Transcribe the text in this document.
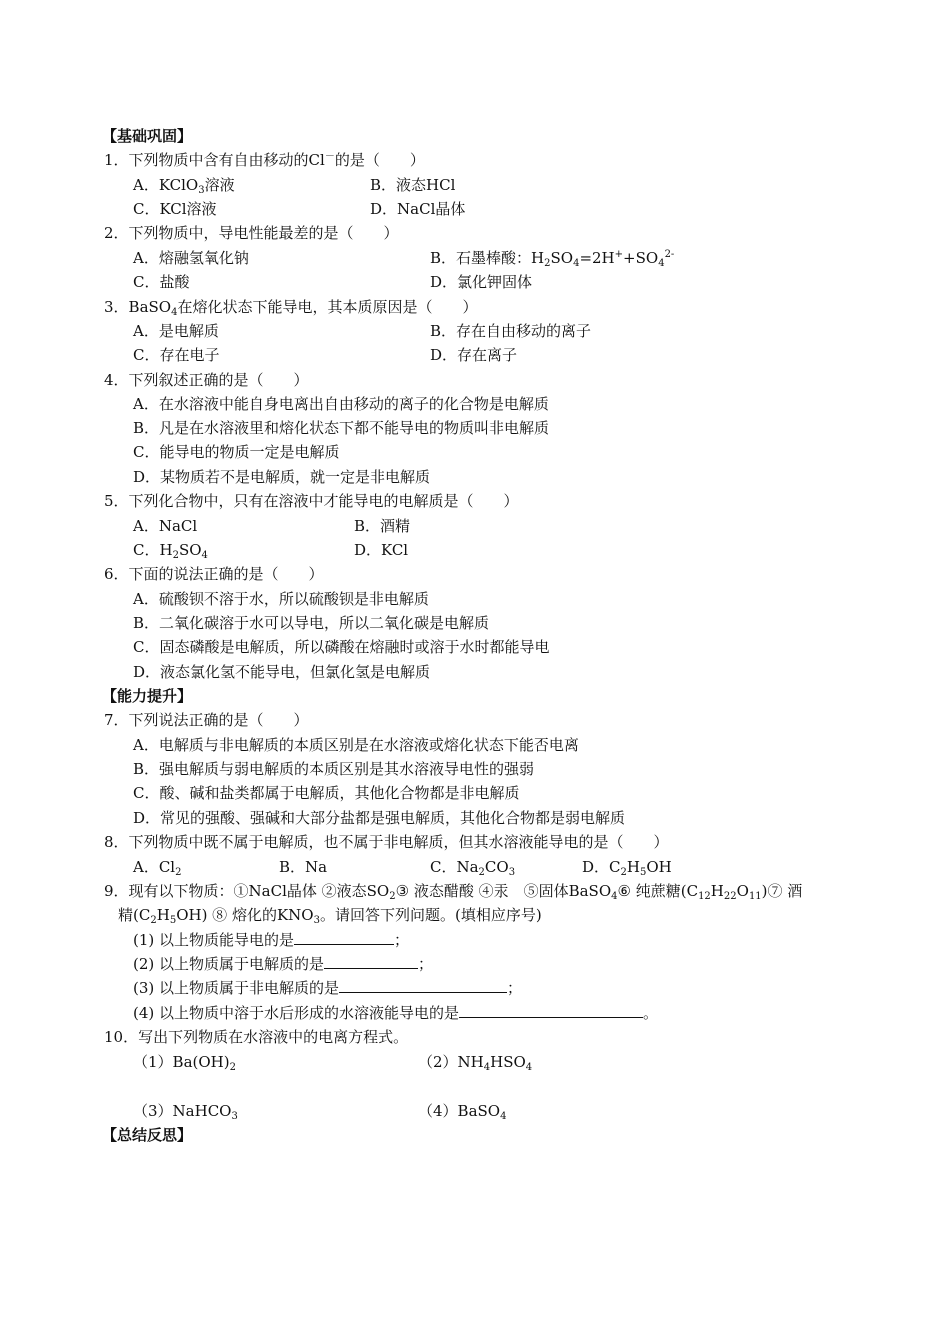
【基础巩固】
1．下列物质中含有自由移动的Cl－的是（　　）
A．KClO$_3$溶液	B．液态HCl
C．KCl溶液	D．NaCl晶体
2．下列物质中，导电性能最差的是（　　）
A．熔融氢氧化钠	B．石墨棒酸：$H_2SO_4=2H^++SO_4^{2-}$
C．盐酸	D．氯化钾固体
3．BaSO$_4$在熔化状态下能导电，其本质原因是（　　）
A．是电解质	B．存在自由移动的离子
C．存在电子	D．存在离子
4．下列叙述正确的是（　　）
A．在水溶液中能自身电离出自由移动的离子的化合物是电解质
B．凡是在水溶液里和熔化状态下都不能导电的物质叫非电解质
C．能导电的物质一定是电解质
D．某物质若不是电解质，就一定是非电解质
5．下列化合物中，只有在溶液中才能导电的电解质是（　　）
A．NaCl	B．酒精
C．$H_2SO_4$	D．KCl
6．下面的说法正确的是（　　）
A．硫酸钡不溶于水，所以硫酸钡是非电解质
B．二氧化碳溶于水可以导电，所以二氧化碳是电解质
C．固态磷酸是电解质，所以磷酸在熔融时或溶于水时都能导电
D．液态氯化氢不能导电，但氯化氢是电解质
【能力提升】
7．下列说法正确的是（　　）
A．电解质与非电解质的本质区别是在水溶液或熔化状态下能否电离
B．强电解质与弱电解质的本质区别是其水溶液导电性的强弱
C．酸、碱和盐类都属于电解质，其他化合物都是非电解质
D．常见的强酸、强碱和大部分盐都是强电解质，其他化合物都是弱电解质
8．下列物质中既不属于电解质，也不属于非电解质，但其水溶液能导电的是（　　）
A．$Cl_2$	B．Na	C．$Na_2CO_3$	D．$C_2H_5OH$
9．现有以下物质：①NaCl晶体 ②液态$SO_2③$ 液态醋酸 ④汞　⑤固体BaSO$_4$⑥ 纯蔗糖$(C_{12}H_{22}O_{11})⑦$ 酒
精$(C_2H_5OH)$ ⑧ 熔化的$KNO_3$。请回答下列问题。(填相应序号)
(1) 以上物质能导电的是	；
(2) 以上物质属于电解质的是	；
(3) 以上物质属于非电解质的是	；
(4) 以上物质中溶于水后形成的水溶液能导电的是	。
10．写出下列物质在水溶液中的电离方程式。
$(1)Ba(OH)_2$	$(2)NH_4HSO_4$
（3）NaHCO$_3$	（4）BaSO$_4$
【总结反思】
